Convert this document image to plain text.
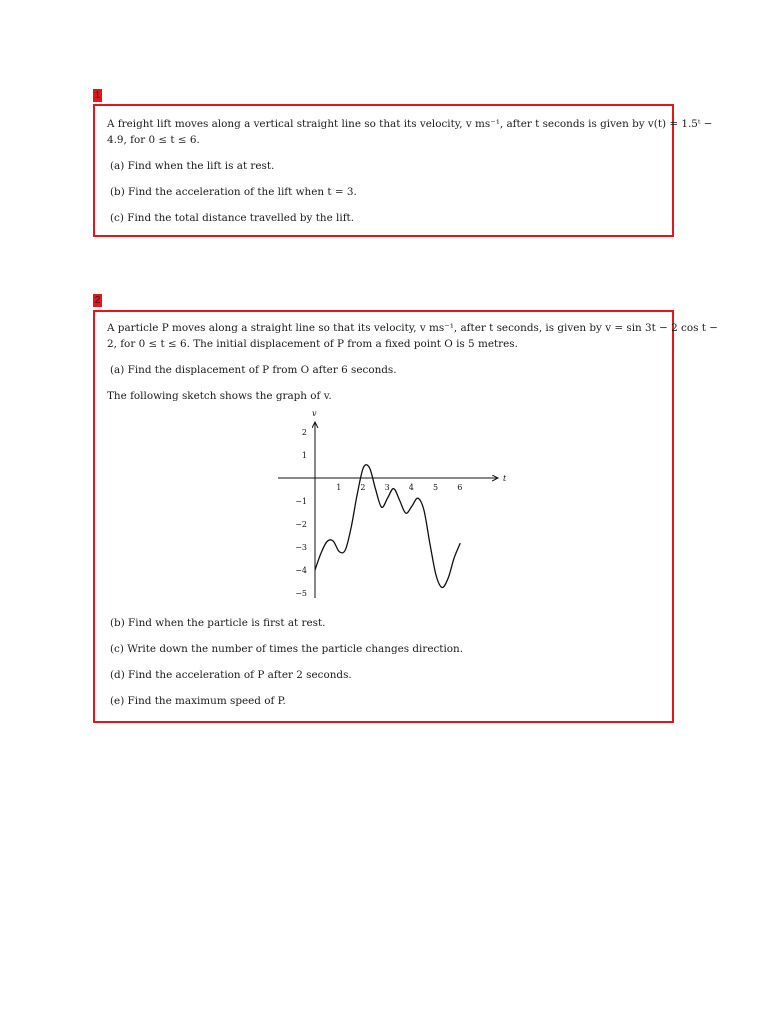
1
A freight lift moves along a vertical straight line so that its velocity, v ms⁻¹, after t seconds is given by v(t) = 1.5ᵗ −
4.9, for 0 ≤ t ≤ 6.
(a) Find when the lift is at rest.
(b) Find the acceleration of the lift when t = 3.
(c) Find the total distance travelled by the lift.
2
A particle P moves along a straight line so that its velocity, v ms⁻¹, after t seconds, is given by v = sin 3t − 2 cos t −
2, for 0 ≤ t ≤ 6. The initial displacement of P from a fixed point O is 5 metres.
(a) Find the displacement of P from O after 6 seconds.
The following sketch shows the graph of v.
t
v
1 2 3 4 5 6
2
1
−1
−2
−3
−4
−5
(b) Find when the particle is first at rest.
(c) Write down the number of times the particle changes direction.
(d) Find the acceleration of P after 2 seconds.
(e) Find the maximum speed of P.
